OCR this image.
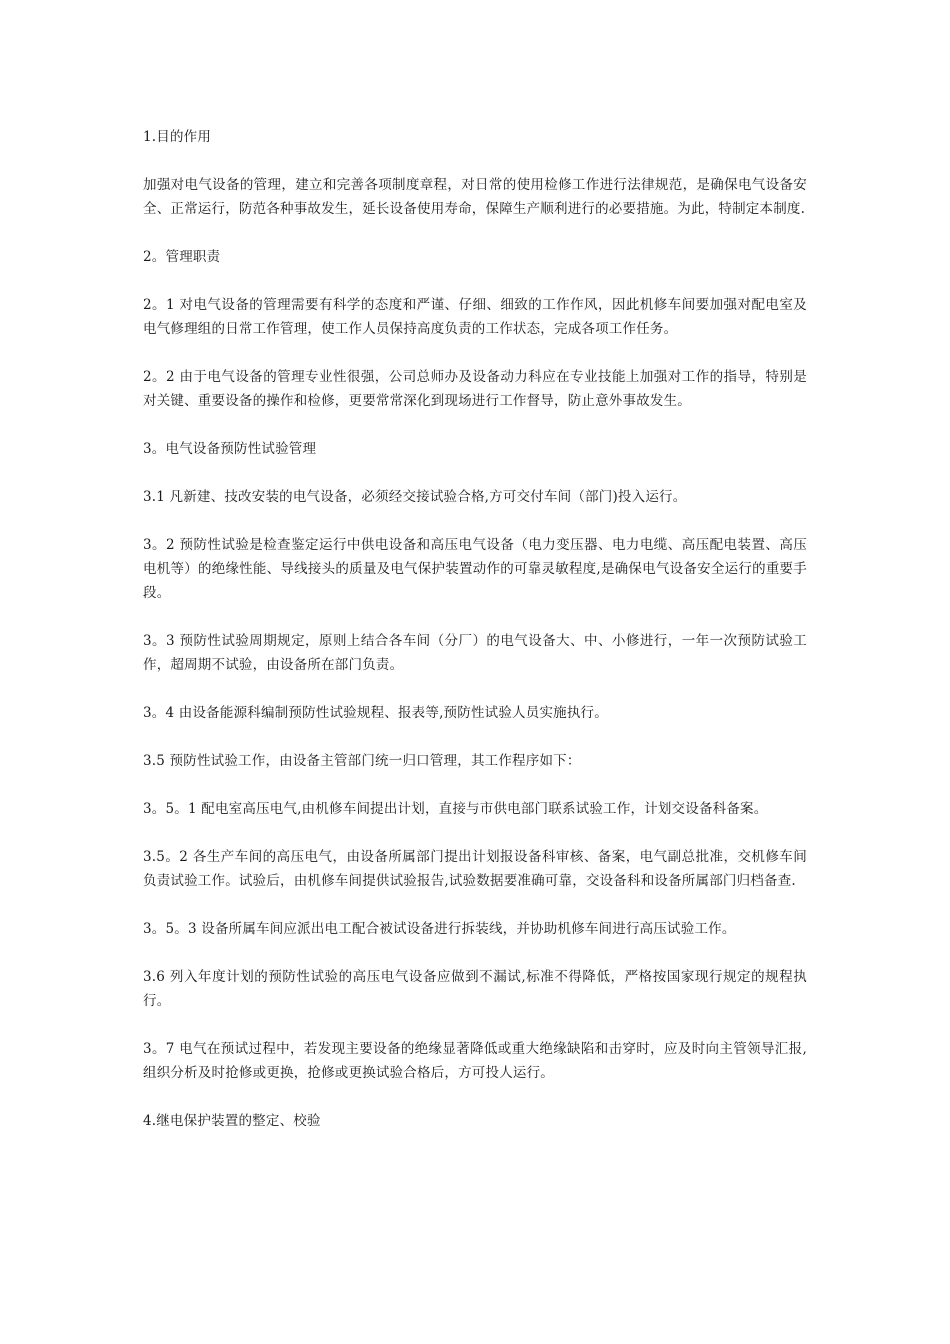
1.目的作用

加强对电气设备的管理，建立和完善各项制度章程，对日常的使用检修工作进行法律规范，是确保电气设备安全、正常运行，防范各种事故发生，延长设备使用寿命，保障生产顺利进行的必要措施。为此，特制定本制度.

2。管理职责

2。1 对电气设备的管理需要有科学的态度和严谨、仔细、细致的工作作风，因此机修车间要加强对配电室及电气修理组的日常工作管理，使工作人员保持高度负责的工作状态，完成各项工作任务。

2。2 由于电气设备的管理专业性很强，公司总师办及设备动力科应在专业技能上加强对工作的指导，特别是对关键、重要设备的操作和检修，更要常常深化到现场进行工作督导，防止意外事故发生。

3。电气设备预防性试验管理

3.1 凡新建、技改安装的电气设备，必须经交接试验合格,方可交付车间（部门)投入运行。

3。2 预防性试验是检查鉴定运行中供电设备和高压电气设备（电力变压器、电力电缆、高压配电装置、高压电机等）的绝缘性能、导线接头的质量及电气保护装置动作的可靠灵敏程度,是确保电气设备安全运行的重要手段。

3。3 预防性试验周期规定，原则上结合各车间（分厂）的电气设备大、中、小修进行，一年一次预防试验工作，超周期不试验，由设备所在部门负责。

3。4 由设备能源科编制预防性试验规程、报表等,预防性试验人员实施执行。

3.5 预防性试验工作，由设备主管部门统一归口管理，其工作程序如下：

3。5。1 配电室高压电气,由机修车间提出计划，直接与市供电部门联系试验工作，计划交设备科备案。

3.5。2 各生产车间的高压电气，由设备所属部门提出计划报设备科审核、备案，电气副总批准，交机修车间负责试验工作。试验后，由机修车间提供试验报告,试验数据要准确可靠，交设备科和设备所属部门归档备查.

3。5。3 设备所属车间应派出电工配合被试设备进行拆装线，并协助机修车间进行高压试验工作。

3.6 列入年度计划的预防性试验的高压电气设备应做到不漏试,标准不得降低，严格按国家现行规定的规程执行。

3。7 电气在预试过程中，若发现主要设备的绝缘显著降低或重大绝缘缺陷和击穿时，应及时向主管领导汇报,组织分析及时抢修或更换，抢修或更换试验合格后，方可投人运行。

4.继电保护装置的整定、校验
